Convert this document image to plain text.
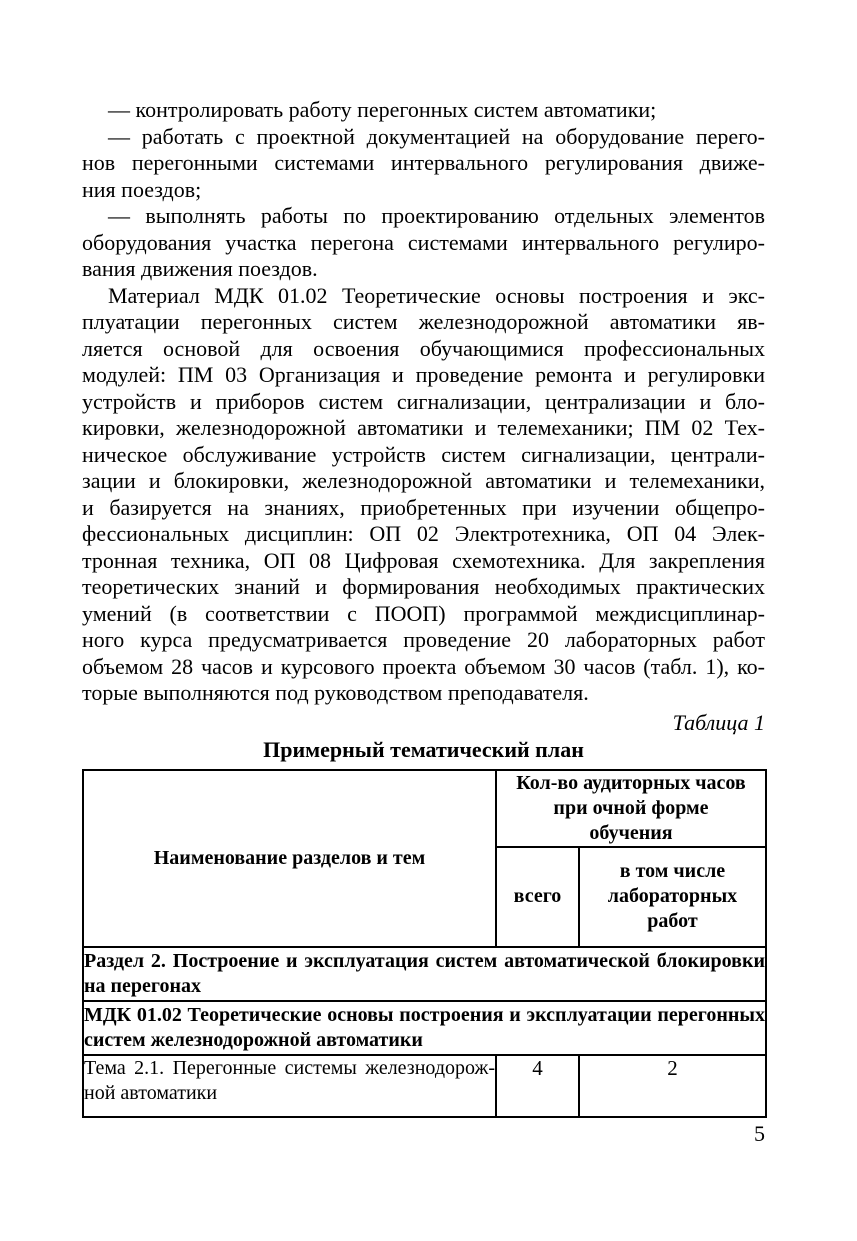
— контролировать работу перегонных систем автоматики;
— работать с проектной документацией на оборудование перего-
нов перегонными системами интервального регулирования движе-
ния поездов;
— выполнять работы по проектированию отдельных элементов
оборудования участка перегона системами интервального регулиро-
вания движения поездов.
Материал МДК 01.02 Теоретические основы построения и экс-
плуатации перегонных систем железнодорожной автоматики яв-
ляется основой для освоения обучающимися профессиональных
модулей: ПМ 03 Организация и проведение ремонта и регулировки
устройств и приборов систем сигнализации, централизации и бло-
кировки, железнодорожной автоматики и телемеханики; ПМ 02 Тех-
ническое обслуживание устройств систем сигнализации, централи-
зации и блокировки, железнодорожной автоматики и телемеханики,
и базируется на знаниях, приобретенных при изучении общепро-
фессиональных дисциплин: ОП 02 Электротехника, ОП 04 Элек-
тронная техника, ОП 08 Цифровая схемотехника. Для закрепления
теоретических знаний и формирования необходимых практических
умений (в соответствии с ПООП) программой междисциплинар-
ного курса предусматривается проведение 20 лабораторных работ
объемом 28 часов и курсового проекта объемом 30 часов (табл. 1), ко-
торые выполняются под руководством преподавателя.
Таблица 1
Примерный тематический план
Наименование разделов и тем	Кол-во аудиторных часов
при очной форме
обучения	

	всего	в том числе
лабораторных
работ

Раздел 2. Построение и эксплуатация систем автоматической блокировки
на перегонах		

МДК 01.02 Теоретические основы построения и эксплуатации перегонных
систем железнодорожной автоматики		

Тема 2.1. Перегонные системы железнодорож-
ной автоматики	4	2
5
